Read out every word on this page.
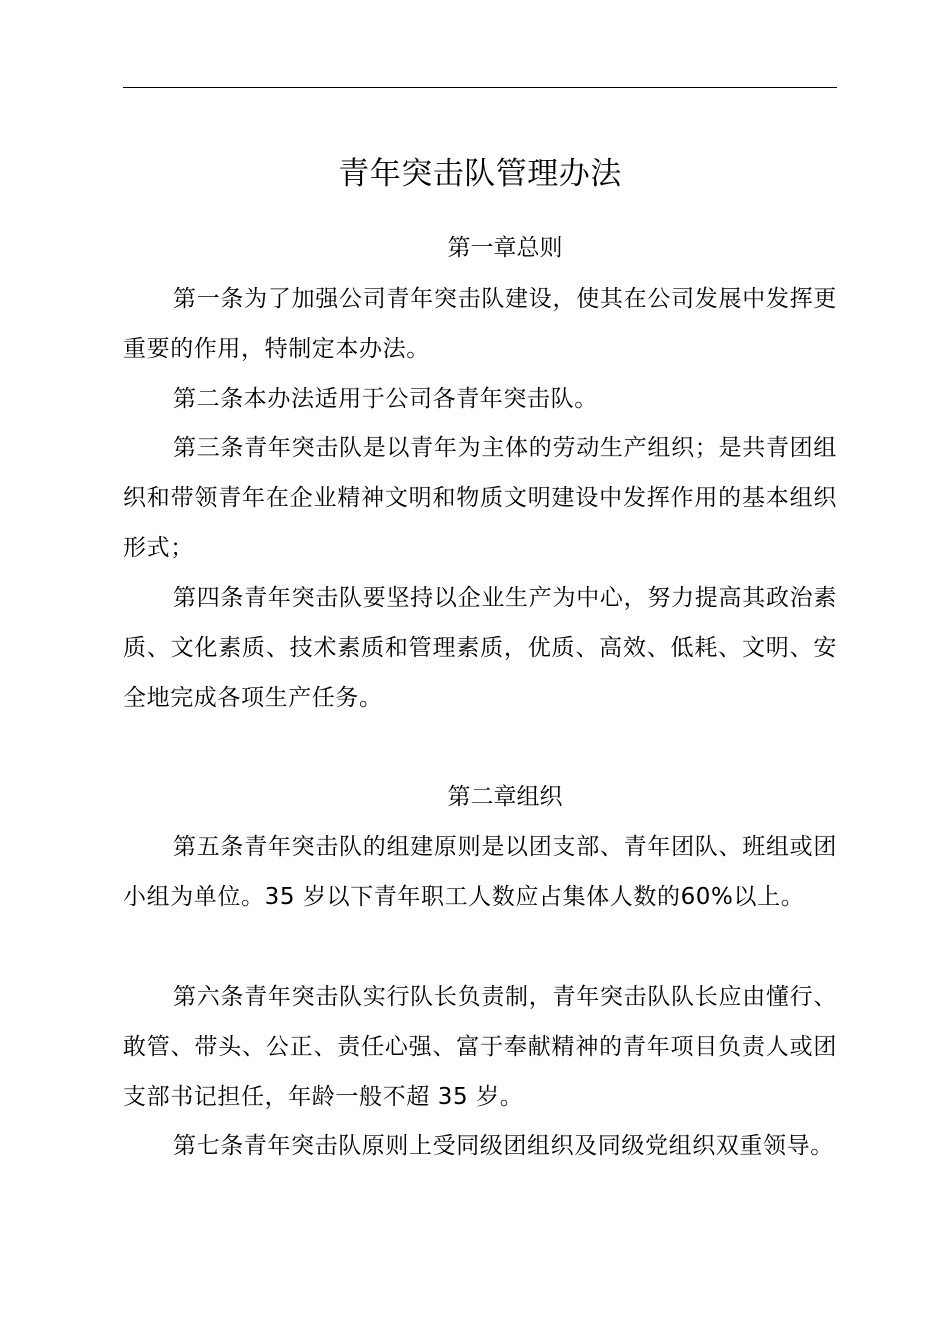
青年突击队管理办法
第一章总则

第一条为了加强公司青年突击队建设，使其在公司发展中发挥更重要的作用，特制定本办法。

第二条本办法适用于公司各青年突击队。

第三条青年突击队是以青年为主体的劳动生产组织；是共青团组织和带领青年在企业精神文明和物质文明建设中发挥作用的基本组织形式；

第四条青年突击队要坚持以企业生产为中心，努力提高其政治素质、文化素质、技术素质和管理素质，优质、高效、低耗、文明、安全地完成各项生产任务。

第二章组织

第五条青年突击队的组建原则是以团支部、青年团队、班组或团小组为单位。35 岁以下青年职工人数应占集体人数的60%以上。

第六条青年突击队实行队长负责制，青年突击队队长应由懂行、敢管、带头、公正、责任心强、富于奉献精神的青年项目负责人或团支部书记担任，年龄一般不超 35 岁。

第七条青年突击队原则上受同级团组织及同级党组织双重领导。
